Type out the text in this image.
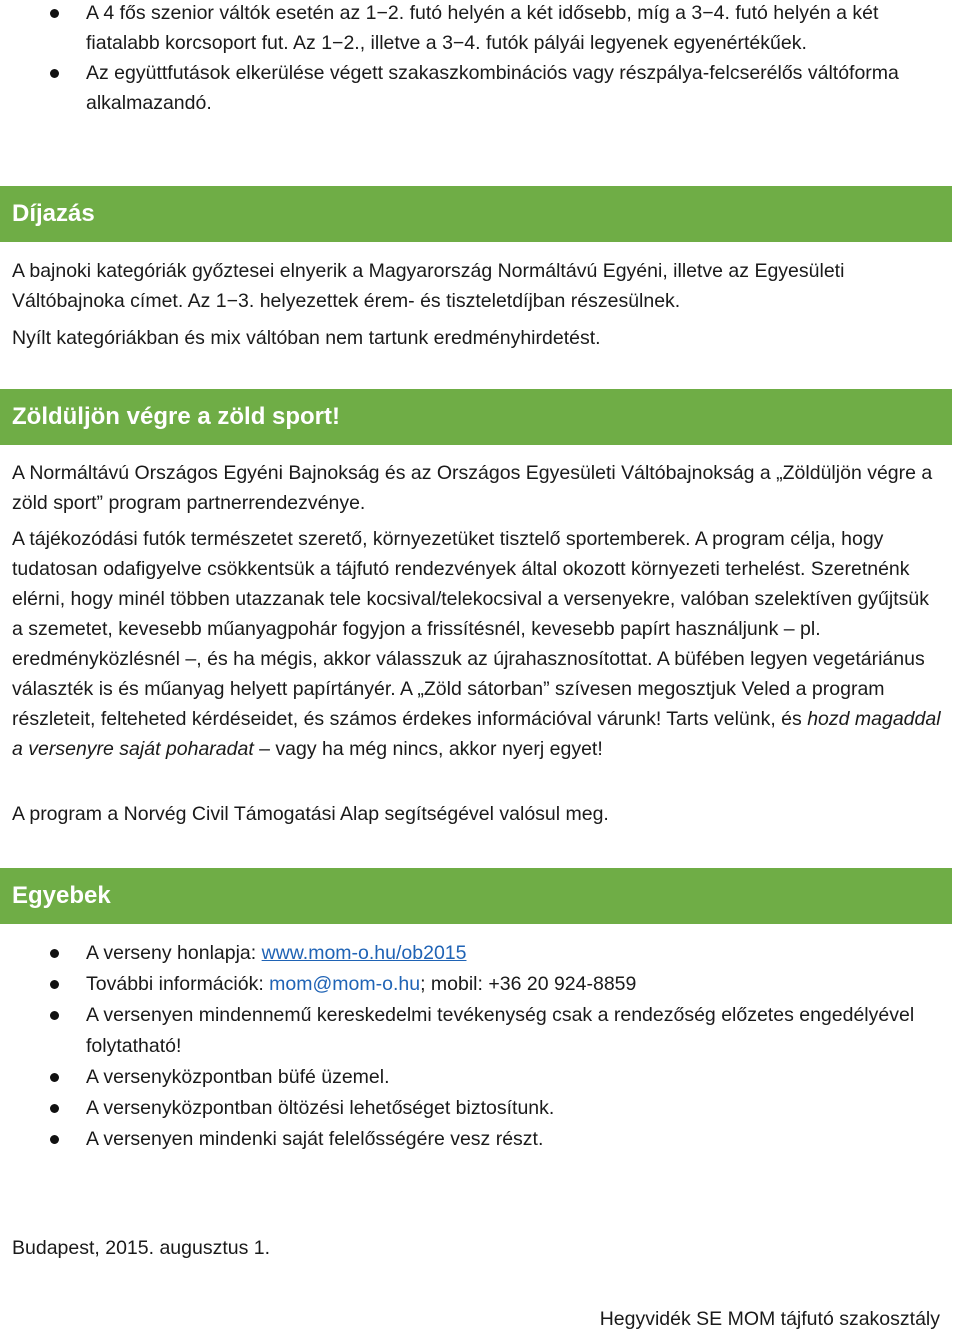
A 4 fős szenior váltók esetén az 1−2. futó helyén a két idősebb, míg a 3−4. futó helyén a két fiatalabb korcsoport fut. Az 1−2., illetve a 3−4. futók pályái legyenek egyenértékűek.
Az együttfutások elkerülése végett szakaszkombinációs vagy részpálya-felcserélős váltóforma alkalmazandó.
Díjazás

A bajnoki kategóriák győztesei elnyerik a Magyarország Normáltávú Egyéni, illetve az Egyesületi Váltóbajnoka címet. Az 1−3. helyezettek érem- és tiszteletdíjban részesülnek.

Nyílt kategóriákban és mix váltóban nem tartunk eredményhirdetést.

Zöldüljön végre a zöld sport!

A Normáltávú Országos Egyéni Bajnokság és az Országos Egyesületi Váltóbajnokság a „Zöldüljön végre a zöld sport” program partnerrendezvénye.

A tájékozódási futók természetet szerető, környezetüket tisztelő sportemberek. A program célja, hogy tudatosan odafigyelve csökkentsük a tájfutó rendezvények által okozott környezeti terhelést. Szeretnénk elérni, hogy minél többen utazzanak tele kocsival/telekocsival a versenyekre, valóban szelektíven gyűjtsük a szemetet, kevesebb műanyagpohár fogyjon a frissítésnél, kevesebb papírt használjunk – pl. eredményközlésnél –, és ha mégis, akkor válasszuk az újrahasznosítottat. A büfében legyen vegetáriánus választék is és műanyag helyett papírtányér. A „Zöld sátorban” szívesen megosztjuk Veled a program részleteit, felteheted kérdéseidet, és számos érdekes információval várunk! Tarts velünk, és hozd magaddal a versenyre saját poharadat – vagy ha még nincs, akkor nyerj egyet!

A program a Norvég Civil Támogatási Alap segítségével valósul meg.

Egyebek
A verseny honlapja: www.mom-o.hu/ob2015
További információk: mom@mom-o.hu; mobil: +36 20 924-8859
A versenyen mindennemű kereskedelmi tevékenység csak a rendezőség előzetes engedélyével folytatható!
A versenyközpontban büfé üzemel.
A versenyközpontban öltözési lehetőséget biztosítunk.
A versenyen mindenki saját felelősségére vesz részt.

Budapest, 2015. augusztus 1.

Hegyvidék SE MOM tájfutó szakosztály
